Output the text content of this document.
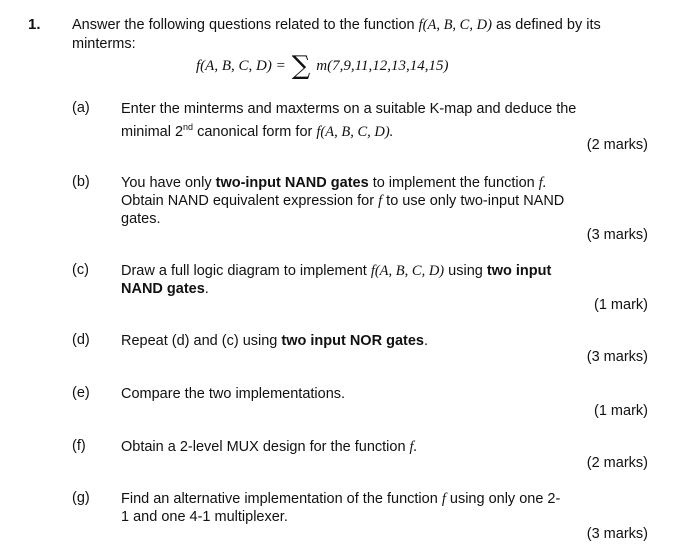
1. Answer the following questions related to the function f(A, B, C, D) as defined by its
minterms:
f(A, B, C, D) = ∑ m(7,9,11,12,13,14,15)
(a) Enter the minterms and maxterms on a suitable K-map and deduce the
minimal 2nd canonical form for f(A, B, C, D).
(2 marks)
(b) You have only two-input NAND gates to implement the function f.
Obtain NAND equivalent expression for f to use only two-input NAND
gates.
(3 marks)
(c) Draw a full logic diagram to implement f(A, B, C, D) using two input
NAND gates.
(1 mark)
(d) Repeat (d) and (c) using two input NOR gates.
(3 marks)
(e) Compare the two implementations.
(1 mark)
(f) Obtain a 2-level MUX design for the function f.
(2 marks)
(g) Find an alternative implementation of the function f using only one 2-
1 and one 4-1 multiplexer.
(3 marks)
